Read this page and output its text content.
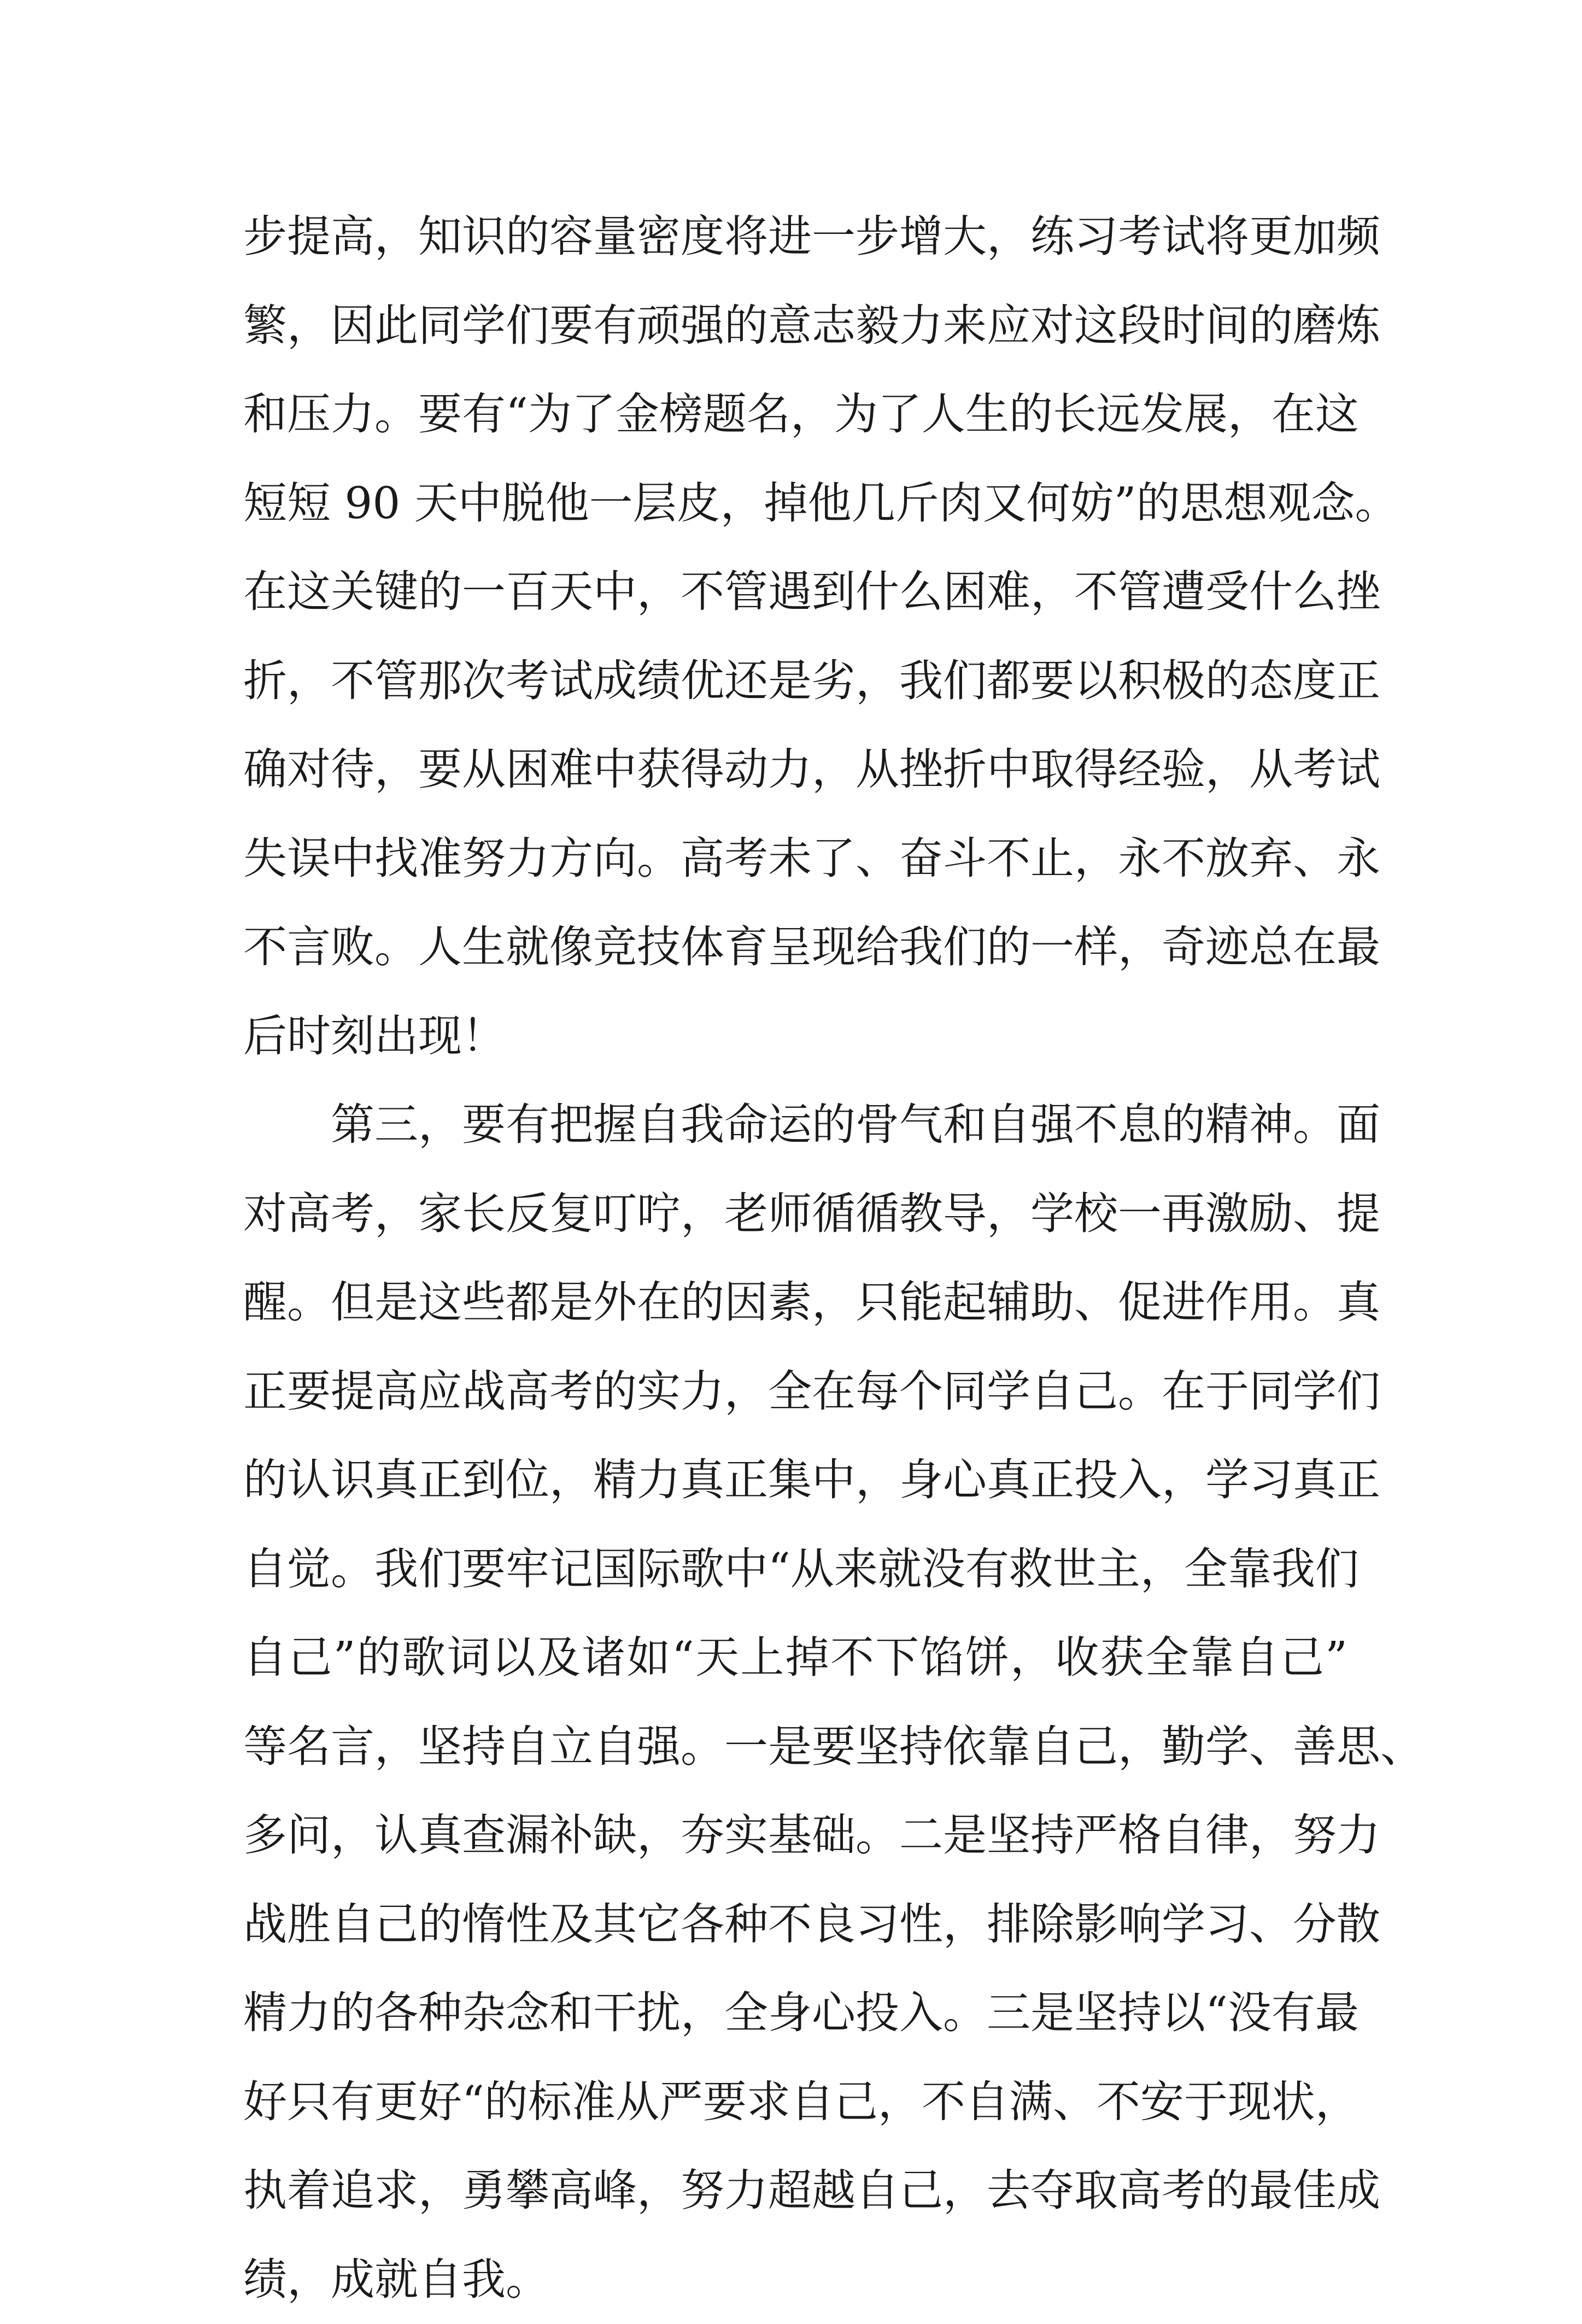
步提高，知识的容量密度将进一步增大，练习考试将更加频
繁，因此同学们要有顽强的意志毅力来应对这段时间的磨炼
和压力。要有“为了金榜题名，为了人生的长远发展，在这
短短 90 天中脱他一层皮，掉他几斤肉又何妨”的思想观念。
在这关键的一百天中，不管遇到什么困难，不管遭受什么挫
折，不管那次考试成绩优还是劣，我们都要以积极的态度正
确对待，要从困难中获得动力，从挫折中取得经验，从考试
失误中找准努力方向。高考未了、奋斗不止，永不放弃、永
不言败。人生就像竞技体育呈现给我们的一样，奇迹总在最
后时刻出现！
第三，要有把握自我命运的骨气和自强不息的精神。面
对高考，家长反复叮咛，老师循循教导，学校一再激励、提
醒。但是这些都是外在的因素，只能起辅助、促进作用。真
正要提高应战高考的实力，全在每个同学自己。在于同学们
的认识真正到位，精力真正集中，身心真正投入，学习真正
自觉。我们要牢记国际歌中“从来就没有救世主，全靠我们
自己”的歌词以及诸如“天上掉不下馅饼，收获全靠自己”
等名言，坚持自立自强。一是要坚持依靠自己，勤学、善思、
多问，认真查漏补缺，夯实基础。二是坚持严格自律，努力
战胜自己的惰性及其它各种不良习性，排除影响学习、分散
精力的各种杂念和干扰，全身心投入。三是坚持以“没有最
好只有更好“的标准从严要求自己，不自满、不安于现状，
执着追求，勇攀高峰，努力超越自己，去夺取高考的最佳成
绩，成就自我。
